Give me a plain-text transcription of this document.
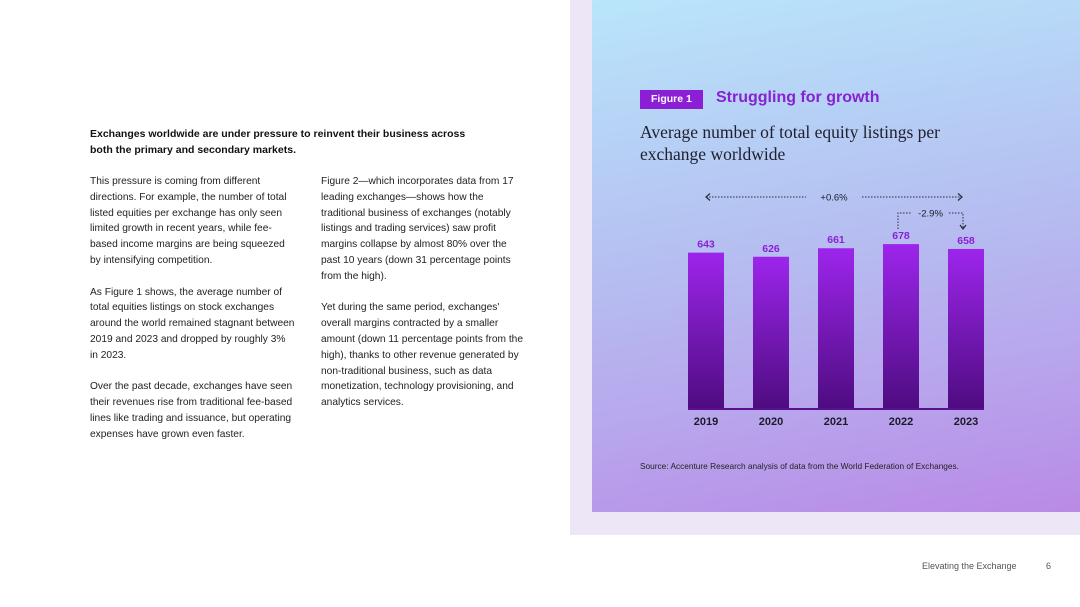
Exchanges worldwide are under pressure to reinvent their business across both the primary and secondary markets.

This pressure is coming from different directions. For example, the number of total listed equities per exchange has only seen limited growth in recent years, while fee-based income margins are being squeezed by intensifying competition.

As Figure 1 shows, the average number of total equities listings on stock exchanges around the world remained stagnant between 2019 and 2023 and dropped by roughly 3% in 2023.

Over the past decade, exchanges have seen their revenues rise from traditional fee-based lines like trading and issuance, but operating expenses have grown even faster.

Figure 2—which incorporates data from 17 leading exchanges—shows how the traditional business of exchanges (notably listings and trading services) saw profit margins collapse by almost 80% over the past 10 years (down 31 percentage points from the high).

Yet during the same period, exchanges' overall margins contracted by a smaller amount (down 11 percentage points from the high), thanks to other revenue generated by non-traditional business, such as data monetization, technology provisioning, and analytics services.

Figure 1	Struggling for growth
Average number of total equity listings per exchange worldwide
643
2019
626
2020
661
2021
678
2022
658
2023
+0.6%
-2.9%
Source: Accenture Research analysis of data from the World Federation of Exchanges.
Elevating the Exchange	6
